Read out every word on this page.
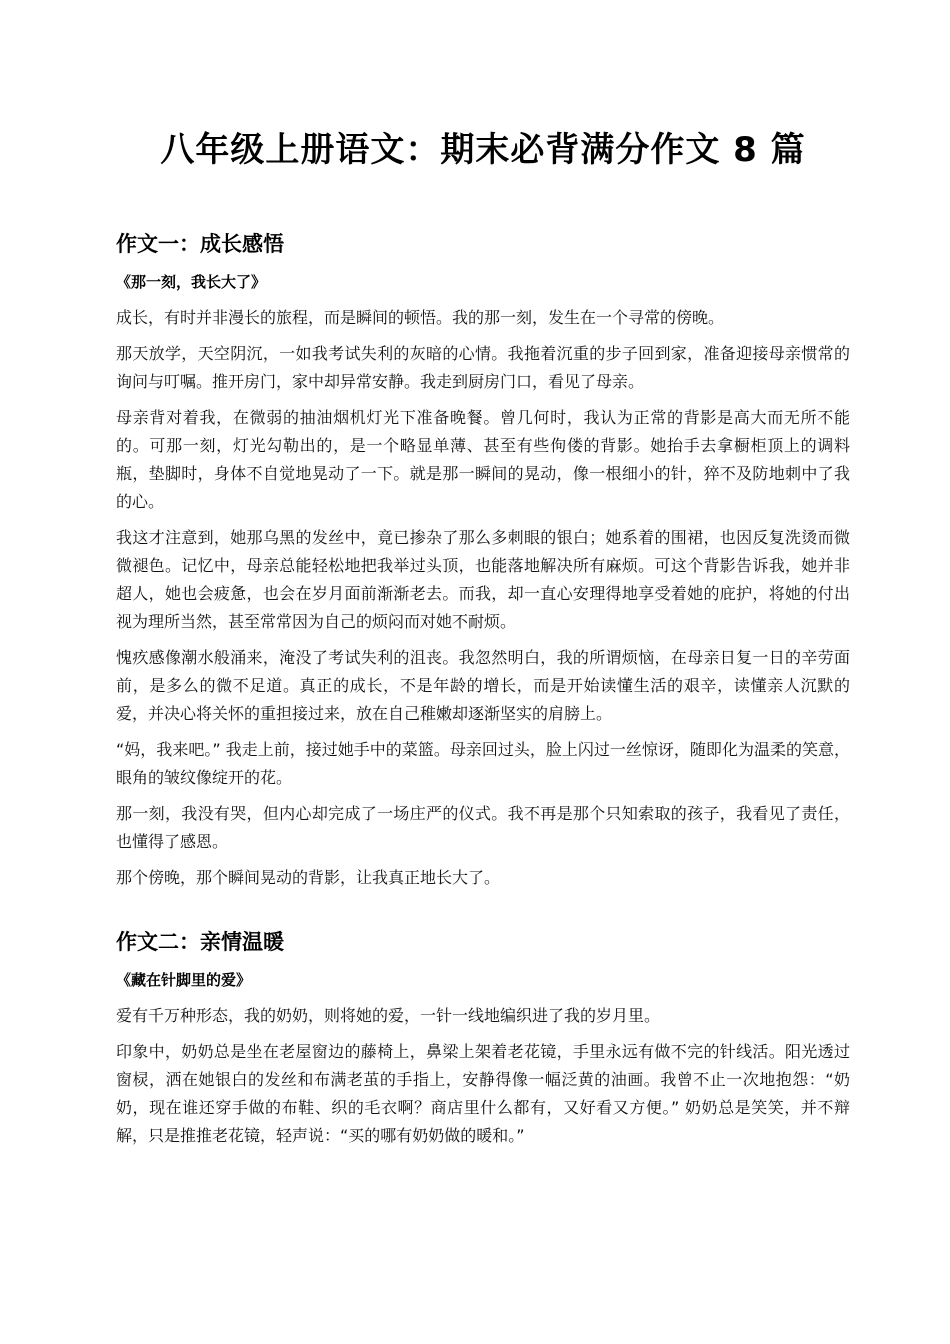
八年级上册语文：期末必背满分作文 8 篇
作文一：成长感悟

《那一刻，我长大了》

成长，有时并非漫长的旅程，而是瞬间的顿悟。我的那一刻，发生在一个寻常的傍晚。

那天放学，天空阴沉，一如我考试失利的灰暗的心情。我拖着沉重的步子回到家，准备迎接母亲惯常的询问与叮嘱。推开房门，家中却异常安静。我走到厨房门口，看见了母亲。

母亲背对着我，在微弱的抽油烟机灯光下准备晚餐。曾几何时，我认为正常的背影是高大而无所不能的。可那一刻，灯光勾勒出的，是一个略显单薄、甚至有些佝偻的背影。她抬手去拿橱柜顶上的调料瓶，垫脚时，身体不自觉地晃动了一下。就是那一瞬间的晃动，像一根细小的针，猝不及防地刺中了我的心。

我这才注意到，她那乌黑的发丝中，竟已掺杂了那么多刺眼的银白；她系着的围裙，也因反复洗烫而微微褪色。记忆中，母亲总能轻松地把我举过头顶，也能落地解决所有麻烦。可这个背影告诉我，她并非超人，她也会疲惫，也会在岁月面前渐渐老去。而我，却一直心安理得地享受着她的庇护，将她的付出视为理所当然，甚至常常因为自己的烦闷而对她不耐烦。

愧疚感像潮水般涌来，淹没了考试失利的沮丧。我忽然明白，我的所谓烦恼，在母亲日复一日的辛劳面前，是多么的微不足道。真正的成长，不是年龄的增长，而是开始读懂生活的艰辛，读懂亲人沉默的爱，并决心将关怀的重担接过来，放在自己稚嫩却逐渐坚实的肩膀上。

“妈，我来吧。” 我走上前，接过她手中的菜篮。母亲回过头，脸上闪过一丝惊讶，随即化为温柔的笑意，眼角的皱纹像绽开的花。

那一刻，我没有哭，但内心却完成了一场庄严的仪式。我不再是那个只知索取的孩子，我看见了责任，也懂得了感恩。

那个傍晚，那个瞬间晃动的背影，让我真正地长大了。

作文二：亲情温暖

《藏在针脚里的爱》

爱有千万种形态，我的奶奶，则将她的爱，一针一线地编织进了我的岁月里。

印象中，奶奶总是坐在老屋窗边的藤椅上，鼻梁上架着老花镜，手里永远有做不完的针线活。阳光透过窗棂，洒在她银白的发丝和布满老茧的手指上，安静得像一幅泛黄的油画。我曾不止一次地抱怨：“奶奶，现在谁还穿手做的布鞋、织的毛衣啊？商店里什么都有，又好看又方便。” 奶奶总是笑笑，并不辩解，只是推推老花镜，轻声说：“买的哪有奶奶做的暖和。”
